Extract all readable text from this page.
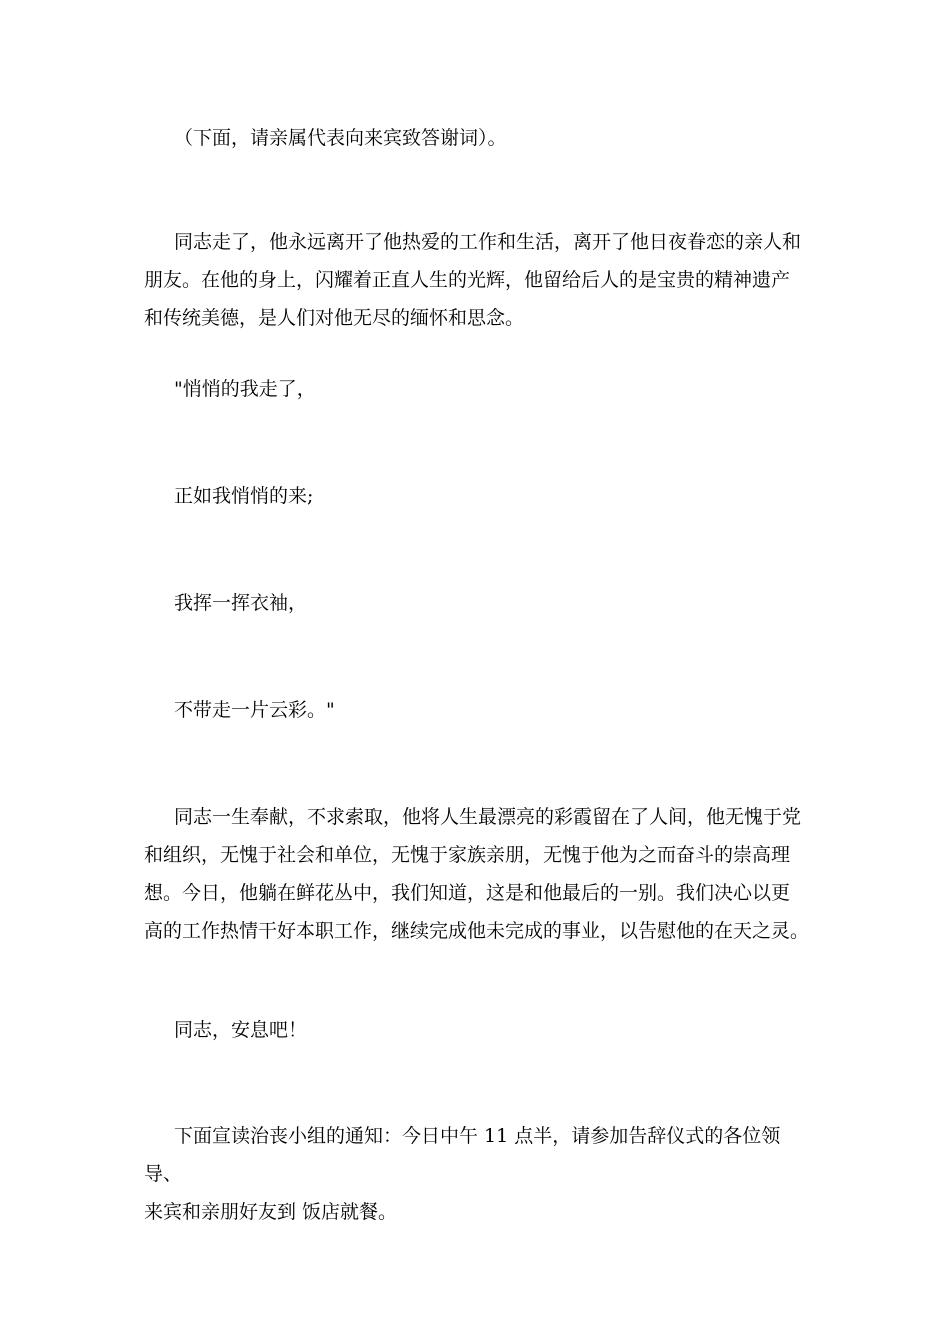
（下面，请亲属代表向来宾致答谢词）。

同志走了，他永远离开了他热爱的工作和生活，离开了他日夜眷恋的亲人和
朋友。在他的身上，闪耀着正直人生的光辉，他留给后人的是宝贵的精神遗产
和传统美德，是人们对他无尽的缅怀和思念。

"悄悄的我走了，

正如我悄悄的来;

我挥一挥衣袖，

不带走一片云彩。"

同志一生奉献，不求索取，他将人生最漂亮的彩霞留在了人间，他无愧于党
和组织，无愧于社会和单位，无愧于家族亲朋，无愧于他为之而奋斗的崇高理
想。今日，他躺在鲜花丛中，我们知道，这是和他最后的一别。我们决心以更
高的工作热情干好本职工作，继续完成他未完成的事业，以告慰他的在天之灵。

同志，安息吧！

下面宣读治丧小组的通知：今日中午 11 点半，请参加告辞仪式的各位领导、
来宾和亲朋好友到 饭店就餐。
